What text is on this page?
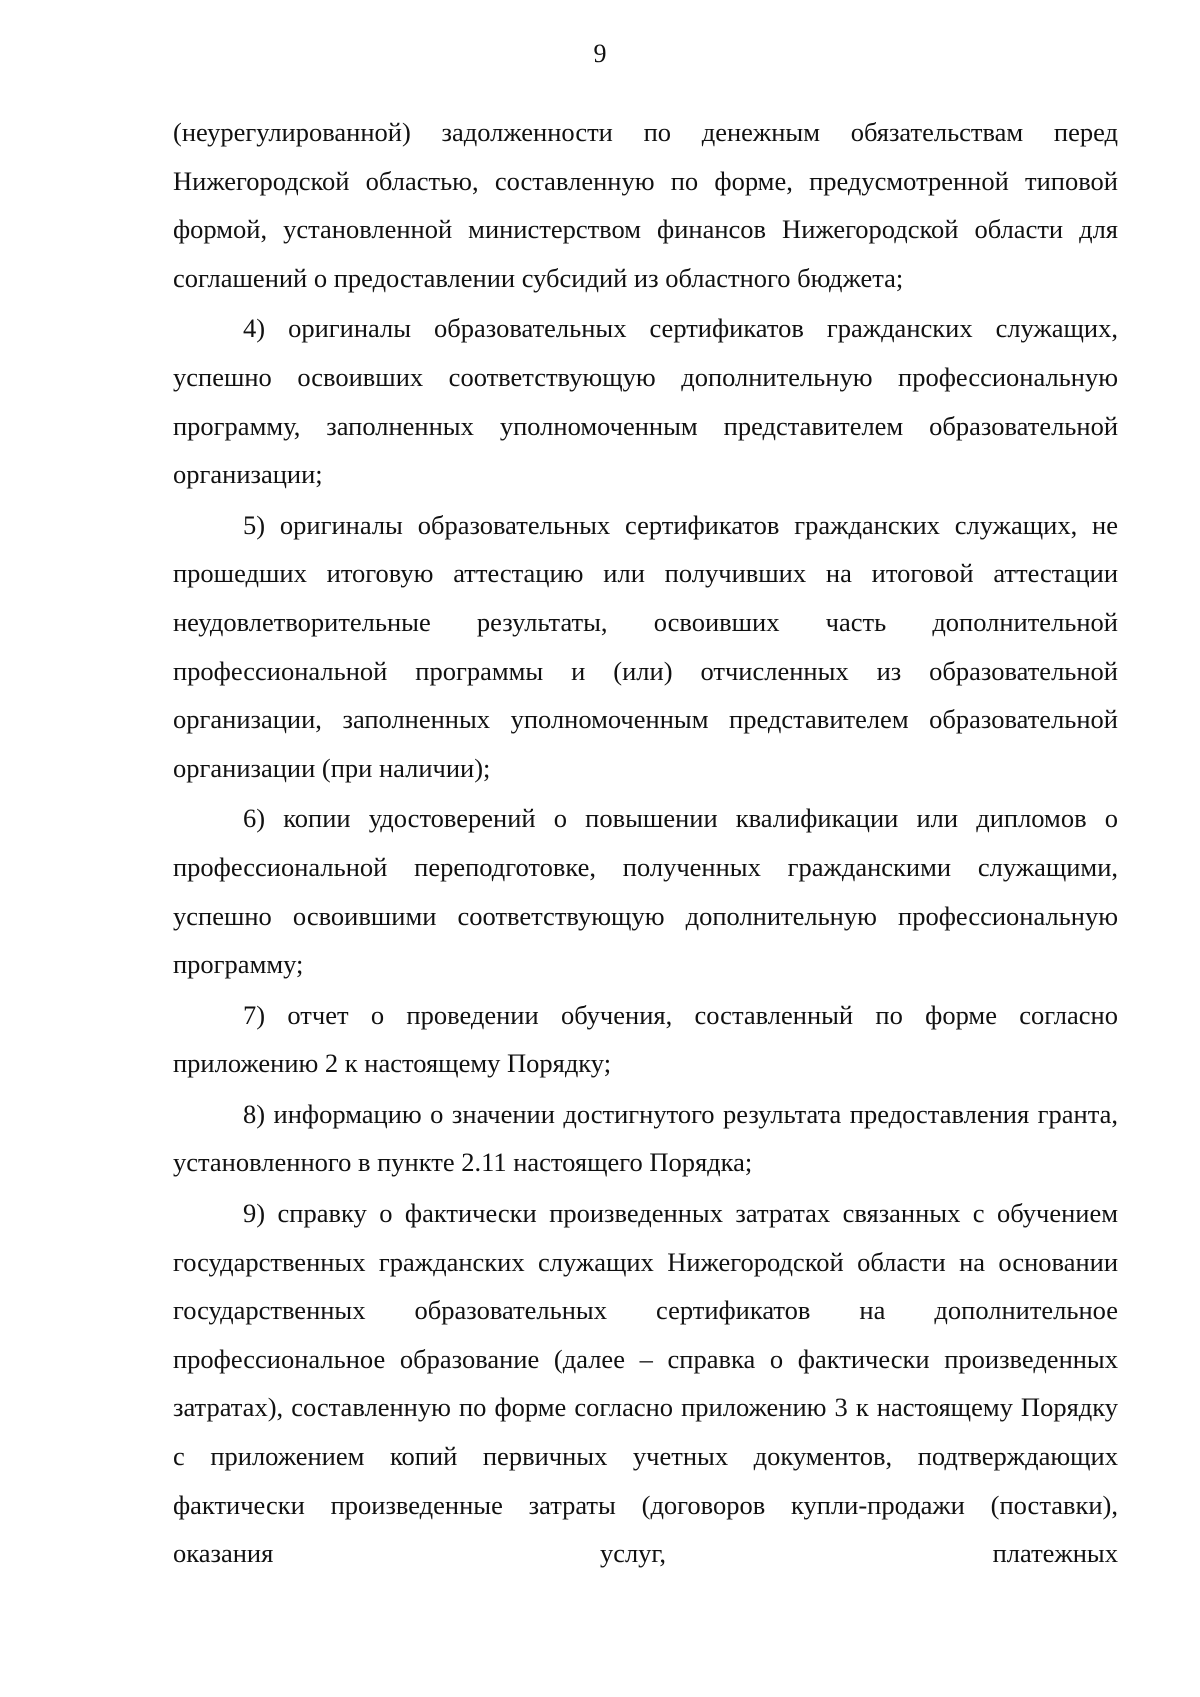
9

(неурегулированной) задолженности по денежным обязательствам перед Нижегородской областью, составленную по форме, предусмотренной типовой формой, установленной министерством финансов Нижегородской области для соглашений о предоставлении субсидий из областного бюджета;

4) оригиналы образовательных сертификатов гражданских служащих, успешно освоивших соответствующую дополнительную профессиональную программу, заполненных уполномоченным представителем образовательной организации;

5) оригиналы образовательных сертификатов гражданских служащих, не прошедших итоговую аттестацию или получивших на итоговой аттестации неудовлетворительные результаты, освоивших часть дополнительной профессиональной программы и (или) отчисленных из образовательной организации, заполненных уполномоченным представителем образовательной организации (при наличии);

6) копии удостоверений о повышении квалификации или дипломов о профессиональной переподготовке, полученных гражданскими служащими, успешно освоившими соответствующую дополнительную профессиональную программу;

7) отчет о проведении обучения, составленный по форме согласно приложению 2 к настоящему Порядку;

8) информацию о значении достигнутого результата предоставления гранта, установленного в пункте 2.11 настоящего Порядка;

9) справку о фактически произведенных затратах связанных с обучением государственных гражданских служащих Нижегородской области на основании государственных образовательных сертификатов на дополнительное профессиональное образование (далее – справка о фактически произведенных затратах), составленную по форме согласно приложению 3 к настоящему Порядку с приложением копий первичных учетных документов, подтверждающих фактически произведенные затраты (договоров купли-продажи (поставки), оказания услуг, платежных
